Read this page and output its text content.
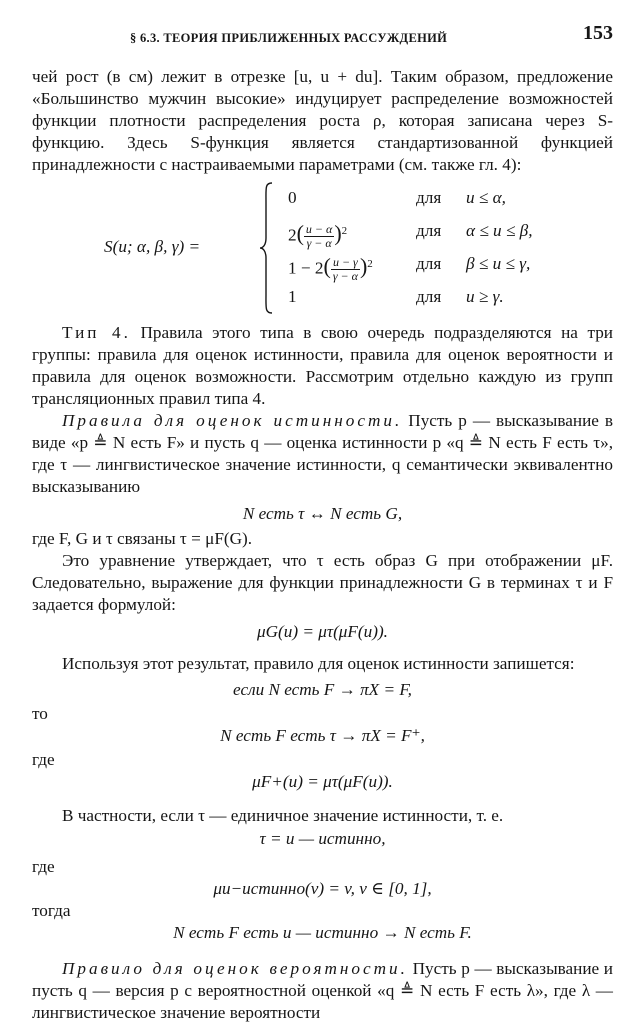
§ 6.3. ТЕОРИЯ ПРИБЛИЖЕННЫХ РАССУЖДЕНИЙ	153

чей рост (в см) лежит в отрезке [u, u + du]. Таким образом, предложение «Большинство мужчин высокие» индуцирует распределение возможностей функции плотности распределения роста ρ, которая записана через S-функцию. Здесь S-функция является стандартизованной функцией принадлежности с настраиваемыми параметрами (см. также гл. 4):

S(u; α, β, γ) =
0	для u ≤ α,
$2( \frac{u - \alpha}{\gamma - \alpha} )^2$	для α ≤ u ≤ β,
$1 - 2( \frac{u - \gamma}{\gamma - \alpha} )^2$	для β ≤ u ≤ γ,
1	для u ≥ γ.

Тип 4. Правила этого типа в свою очередь подразделяются на три группы: правила для оценок истинности, правила для оценок вероятности и правила для оценок возможности. Рассмотрим отдельно каждую из групп трансляционных правил типа 4.

Правила для оценок истинности. Пусть p — высказывание в виде «p ≜ N есть F» и пусть q — оценка истинности p «q ≜ N есть F есть τ», где τ — лингвистическое значение истинности, q семантически эквивалентно высказыванию

N есть τ ↔ N есть G,

где F, G и τ связаны τ = μF(G).

Это уравнение утверждает, что τ есть образ G при отображении μF. Следовательно, выражение для функции принадлежности G в терминах τ и F задается формулой:

μG(u) = μτ(μF(u)).

Используя этот результат, правило для оценок истинности запишется:

если N есть F → πX = F,

то

N есть F есть τ → πX = F⁺,

где

μF+(u) = μτ(μF(u)).

В частности, если τ — единичное значение истинности, т. е.

τ = u — истинно,

где

μu−истинно(v) = v, v ∈ [0, 1],

тогда

N есть F есть u — истинно → N есть F.

Правило для оценок вероятности. Пусть p — высказывание и пусть q — версия p с вероятностной оценкой «q ≜ N есть F есть λ», где λ — лингвистическое значение вероятности
